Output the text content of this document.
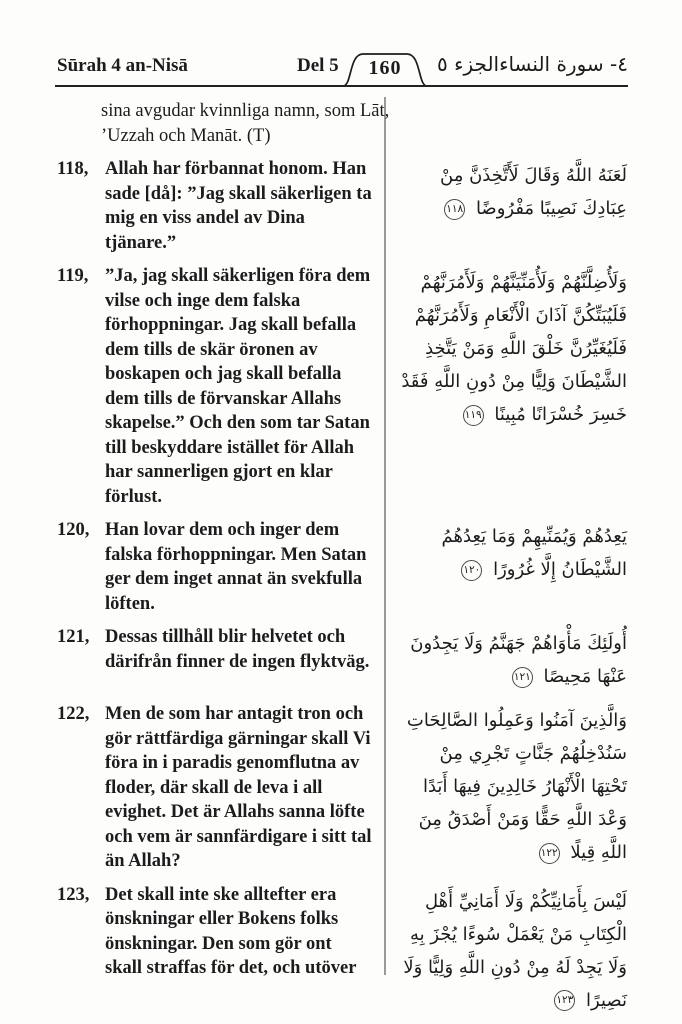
Sūrah 4 an-Nisā	Del 5	160	الجزء ٥ ٤- سورة النساء
sina avgudar kvinnliga namn, som Lāt, ’Uzzah och Manāt. (T)
118, Allah har förbannat honom. Han sade [då]: ”Jag skall säkerligen ta mig en viss andel av Dina tjänare.”
لَعَنَهُ اللَّهُ وَقَالَ لَأَتَّخِذَنَّ مِنْ عِبَادِكَ نَصِيبًا مَفْرُوضًا ١١٨
119, ”Ja, jag skall säkerligen föra dem vilse och inge dem falska förhoppningar. Jag skall befalla dem tills de skär öronen av boskapen och jag skall befalla dem tills de förvanskar Allahs skapelse.” Och den som tar Satan till beskyddare istället för Allah har sannerligen gjort en klar förlust.
وَلَأُضِلَّنَّهُمْ وَلَأُمَنِّيَنَّهُمْ وَلَأَمُرَنَّهُمْ فَلَيُبَتِّكُنَّ آذَانَ الْأَنْعَامِ وَلَأَمُرَنَّهُمْ فَلَيُغَيِّرُنَّ خَلْقَ اللَّهِ وَمَنْ يَتَّخِذِ الشَّيْطَانَ وَلِيًّا مِنْ دُونِ اللَّهِ فَقَدْ خَسِرَ خُسْرَانًا مُبِينًا ١١٩
120, Han lovar dem och inger dem falska förhoppningar. Men Satan ger dem inget annat än svekfulla löften.
يَعِدُهُمْ وَيُمَنِّيهِمْ وَمَا يَعِدُهُمُ الشَّيْطَانُ إِلَّا غُرُورًا ١٢٠
121, Dessas tillhåll blir helvetet och därifrån finner de ingen flyktväg.
أُولَئِكَ مَأْوَاهُمْ جَهَنَّمُ وَلَا يَجِدُونَ عَنْهَا مَحِيصًا ١٢١
122, Men de som har antagit tron och gör rättfärdiga gärningar skall Vi föra in i paradis genomflutna av floder, där skall de leva i all evighet. Det är Allahs sanna löfte och vem är sannfärdigare i sitt tal än Allah?
وَالَّذِينَ آمَنُوا وَعَمِلُوا الصَّالِحَاتِ سَنُدْخِلُهُمْ جَنَّاتٍ تَجْرِي مِنْ تَحْتِهَا الْأَنْهَارُ خَالِدِينَ فِيهَا أَبَدًا وَعْدَ اللَّهِ حَقًّا وَمَنْ أَصْدَقُ مِنَ اللَّهِ قِيلًا ١٢٢
123, Det skall inte ske alltefter era önskningar eller Bokens folks önskningar. Den som gör ont skall straffas för det, och utöver
لَيْسَ بِأَمَانِيِّكُمْ وَلَا أَمَانِيِّ أَهْلِ الْكِتَابِ مَنْ يَعْمَلْ سُوءًا يُجْزَ بِهِ وَلَا يَجِدْ لَهُ مِنْ دُونِ اللَّهِ وَلِيًّا وَلَا نَصِيرًا ١٢٣
